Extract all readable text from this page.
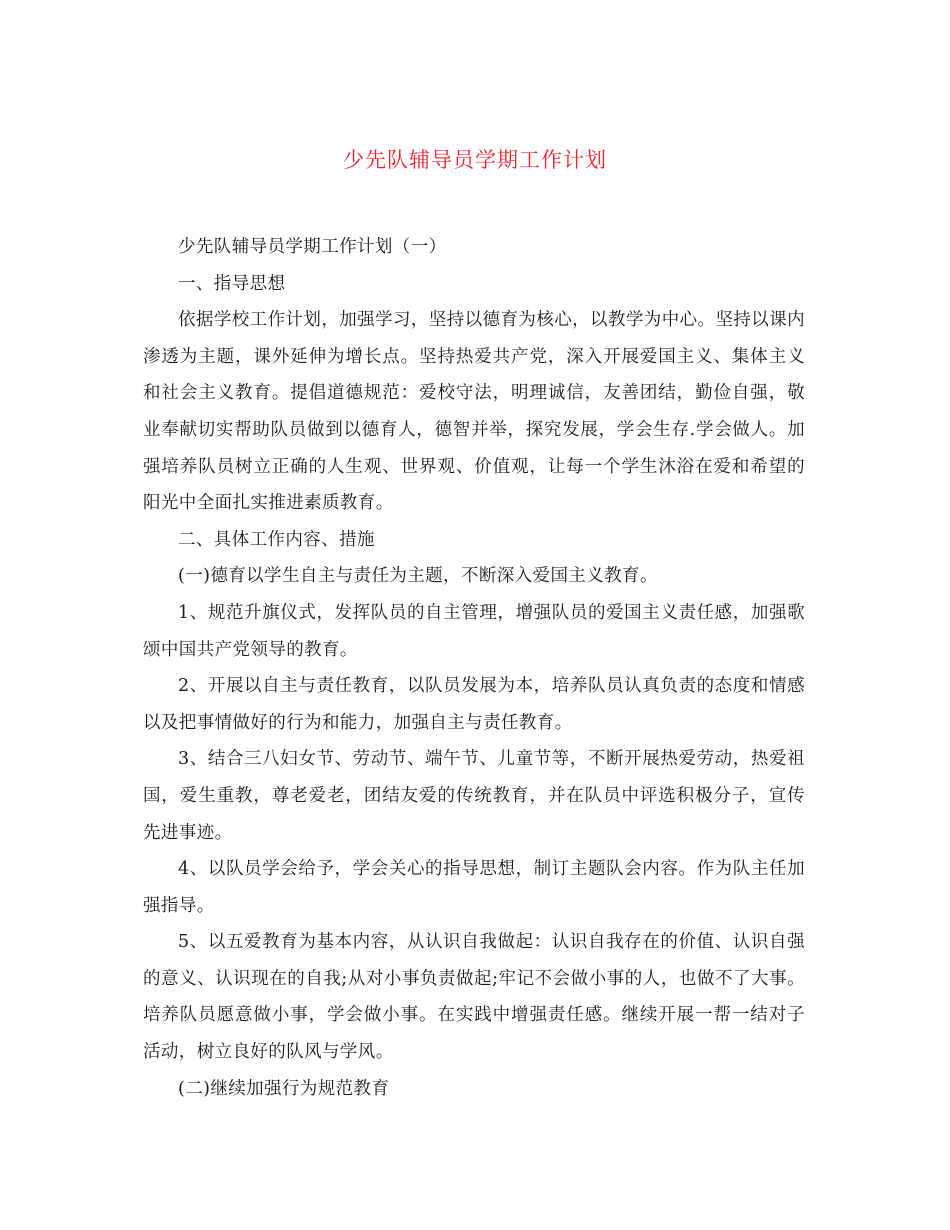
少先队辅导员学期工作计划

少先队辅导员学期工作计划（一）

一、指导思想

依据学校工作计划，加强学习，坚持以德育为核心，以教学为中心。坚持以课内渗透为主题，课外延伸为增长点。坚持热爱共产党，深入开展爱国主义、集体主义和社会主义教育。提倡道德规范：爱校守法，明理诚信，友善团结，勤俭自强，敬业奉献切实帮助队员做到以德育人，德智并举，探究发展，学会生存.学会做人。加强培养队员树立正确的人生观、世界观、价值观，让每一个学生沐浴在爱和希望的阳光中全面扎实推进素质教育。

二、具体工作内容、措施

(一)德育以学生自主与责任为主题，不断深入爱国主义教育。

1、规范升旗仪式，发挥队员的自主管理，增强队员的爱国主义责任感，加强歌颂中国共产党领导的教育。

2、开展以自主与责任教育，以队员发展为本，培养队员认真负责的态度和情感以及把事情做好的行为和能力，加强自主与责任教育。

3、结合三八妇女节、劳动节、端午节、儿童节等，不断开展热爱劳动，热爱祖国，爱生重教，尊老爱老，团结友爱的传统教育，并在队员中评选积极分子，宣传先进事迹。

4、以队员学会给予，学会关心的指导思想，制订主题队会内容。作为队主任加强指导。

5、以五爱教育为基本内容，从认识自我做起：认识自我存在的价值、认识自强的意义、认识现在的自我;从对小事负责做起;牢记不会做小事的人，也做不了大事。培养队员愿意做小事，学会做小事。在实践中增强责任感。继续开展一帮一结对子活动，树立良好的队风与学风。

(二)继续加强行为规范教育
